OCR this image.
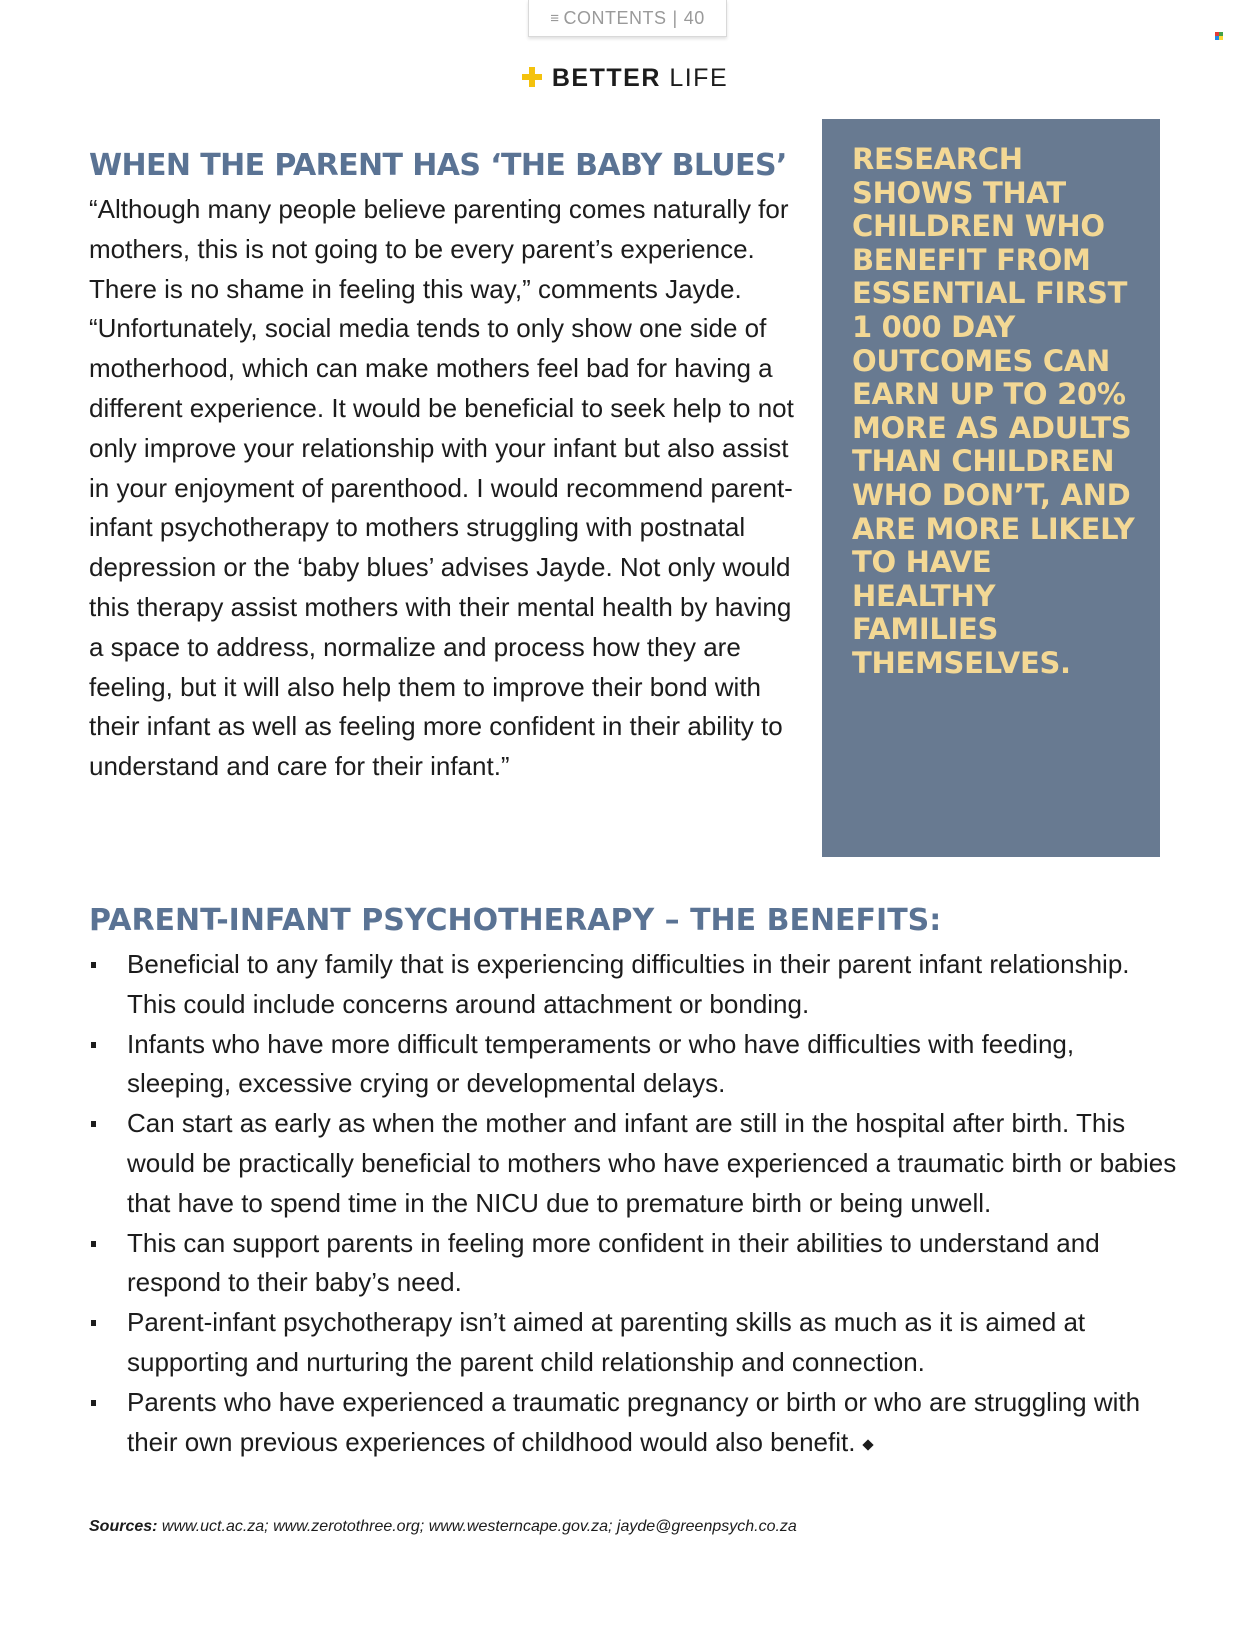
≡ CONTENTS | 40
BETTER LIFE
WHEN THE PARENT HAS ‘THE BABY BLUES’

“Although many people believe parenting comes naturally for mothers, this is not going to be every parent’s experience. There is no shame in feeling this way,” comments Jayde. “Unfortunately, social media tends to only show one side of motherhood, which can make mothers feel bad for having a different experience. It would be beneficial to seek help to not only improve your relationship with your infant but also assist in your enjoyment of parenthood. I would recommend parent-infant psychotherapy to mothers struggling with postnatal depression or the ‘baby blues’ advises Jayde. Not only would this therapy assist mothers with their mental health by having a space to address, normalize and process how they are feeling, but it will also help them to improve their bond with their infant as well as feeling more confident in their ability to understand and care for their infant.”

RESEARCH SHOWS THAT CHILDREN WHO BENEFIT FROM ESSENTIAL FIRST 1 000 DAY OUTCOMES CAN EARN UP TO 20% MORE AS ADULTS THAN CHILDREN WHO DON’T, AND ARE MORE LIKELY TO HAVE HEALTHY FAMILIES THEMSELVES.

PARENT-INFANT PSYCHOTHERAPY – THE BENEFITS:
Beneficial to any family that is experiencing difficulties in their parent infant relationship. This could include concerns around attachment or bonding.
Infants who have more difficult temperaments or who have difficulties with feeding, sleeping, excessive crying or developmental delays.
Can start as early as when the mother and infant are still in the hospital after birth. This would be practically beneficial to mothers who have experienced a traumatic birth or babies that have to spend time in the NICU due to premature birth or being unwell.
This can support parents in feeling more confident in their abilities to understand and respond to their baby’s need.
Parent-infant psychotherapy isn’t aimed at parenting skills as much as it is aimed at supporting and nurturing the parent child relationship and connection.
Parents who have experienced a traumatic pregnancy or birth or who are struggling with their own previous experiences of childhood would also benefit.

Sources: www.uct.ac.za; www.zerotothree.org; www.westerncape.gov.za; jayde@greenpsych.co.za
